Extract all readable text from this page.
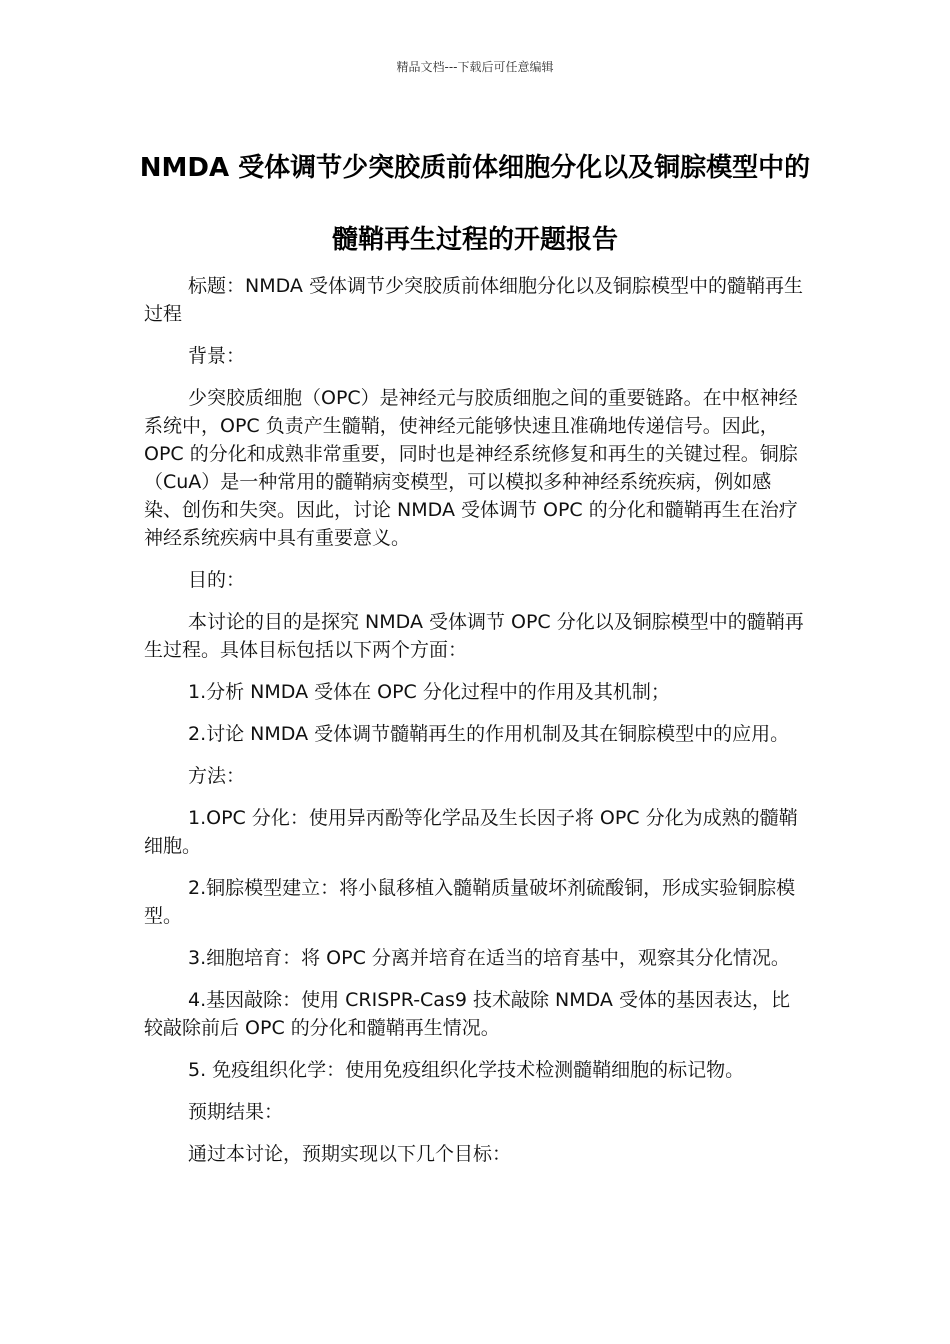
精品文档---下载后可任意编辑
NMDA 受体调节少突胶质前体细胞分化以及铜腙模型中的髓鞘再生过程的开题报告

标题：NMDA 受体调节少突胶质前体细胞分化以及铜腙模型中的髓鞘再生过程

背景：

少突胶质细胞（OPC）是神经元与胶质细胞之间的重要链路。在中枢神经系统中，OPC 负责产生髓鞘，使神经元能够快速且准确地传递信号。因此，OPC 的分化和成熟非常重要，同时也是神经系统修复和再生的关键过程。铜腙（CuA）是一种常用的髓鞘病变模型，可以模拟多种神经系统疾病，例如感染、创伤和失突。因此，讨论 NMDA 受体调节 OPC 的分化和髓鞘再生在治疗神经系统疾病中具有重要意义。

目的：

本讨论的目的是探究 NMDA 受体调节 OPC 分化以及铜腙模型中的髓鞘再生过程。具体目标包括以下两个方面：

1.分析 NMDA 受体在 OPC 分化过程中的作用及其机制；

2.讨论 NMDA 受体调节髓鞘再生的作用机制及其在铜腙模型中的应用。

方法：

1.OPC 分化：使用异丙酚等化学品及生长因子将 OPC 分化为成熟的髓鞘细胞。

2.铜腙模型建立：将小鼠移植入髓鞘质量破坏剂硫酸铜，形成实验铜腙模型。

3.细胞培育：将 OPC 分离并培育在适当的培育基中，观察其分化情况。

4.基因敲除：使用 CRISPR-Cas9 技术敲除 NMDA 受体的基因表达，比较敲除前后 OPC 的分化和髓鞘再生情况。

5. 免疫组织化学：使用免疫组织化学技术检测髓鞘细胞的标记物。

预期结果：

通过本讨论，预期实现以下几个目标：
